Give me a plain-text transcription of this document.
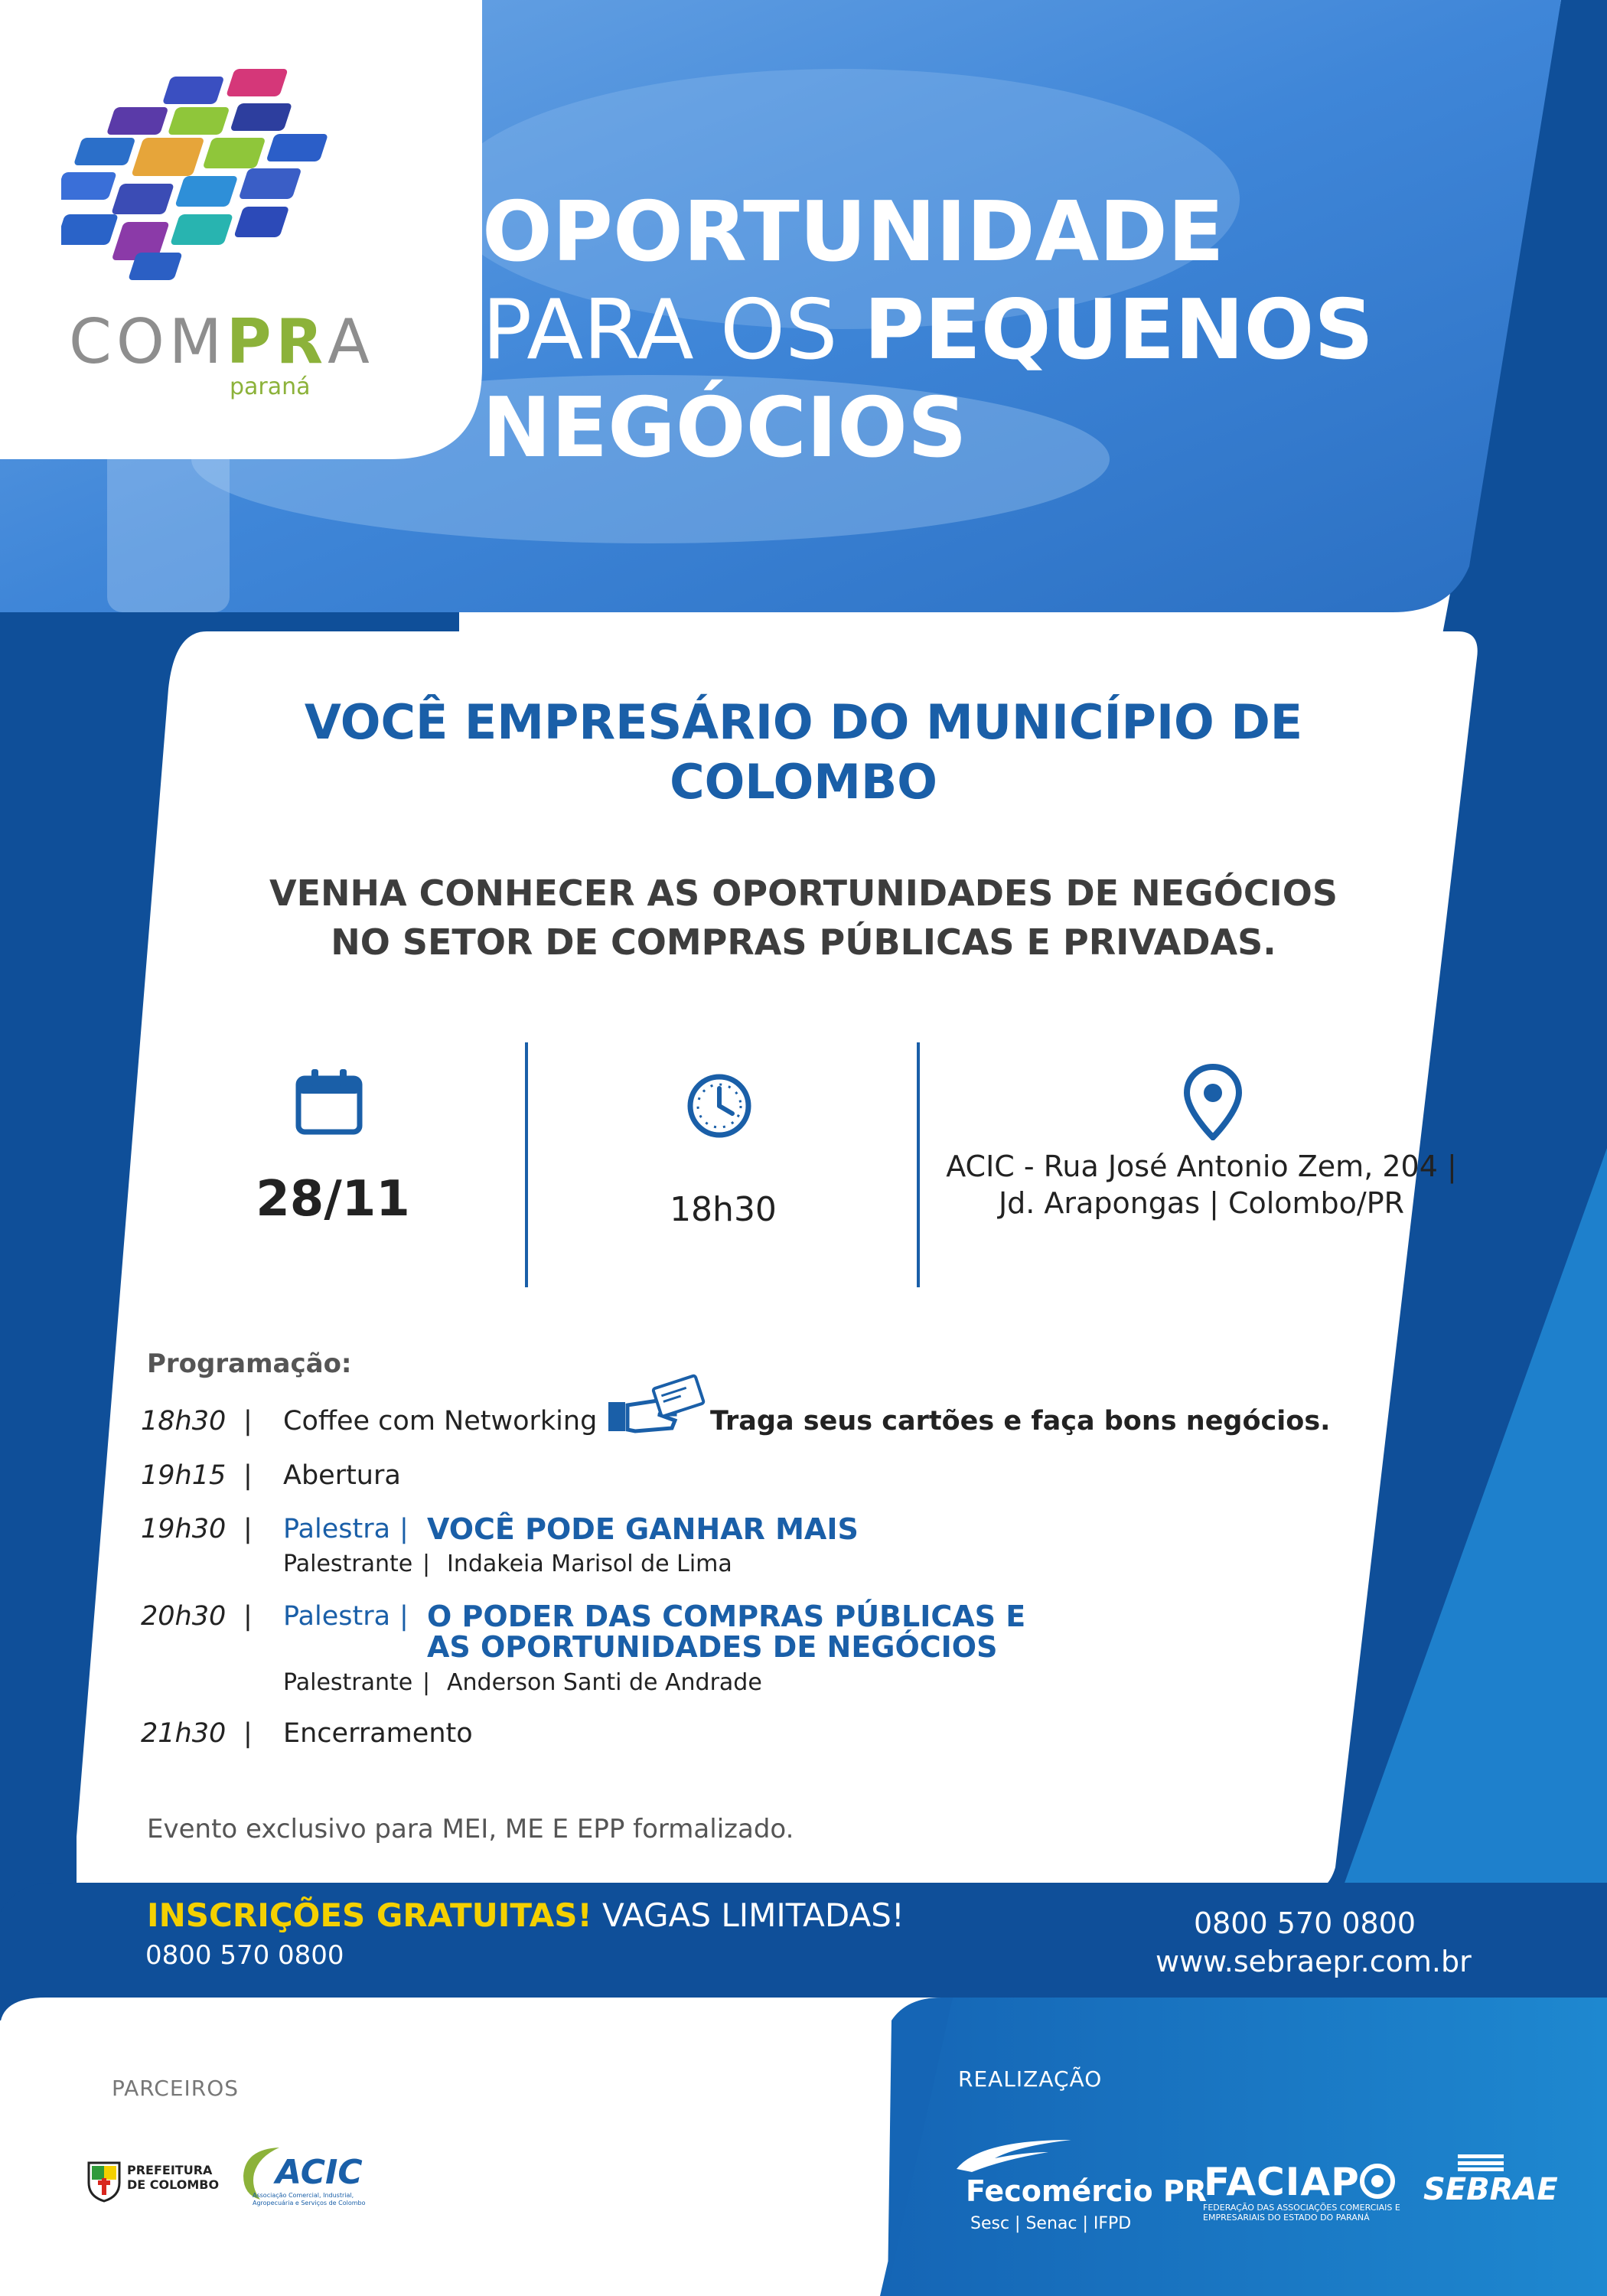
COMPRA
paraná
OPORTUNIDADE
PARA OS PEQUENOS
NEGÓCIOS
VOCÊ EMPRESÁRIO DO MUNICÍPIO DE
COLOMBO
VENHA CONHECER AS OPORTUNIDADES DE NEGÓCIOS
NO SETOR DE COMPRAS PÚBLICAS E PRIVADAS.
28/11	18h30
ACIC - Rua José Antonio Zem, 204 |
Jd. Arapongas | Colombo/PR
Programação:
18h30 | Coffee com Networking	Traga seus cartões e faça bons negócios.
19h15 | Abertura
19h30 | Palestra | VOCÊ PODE GANHAR MAIS
Palestrante | Indakeia Marisol de Lima
20h30 | Palestra | O PODER DAS COMPRAS PÚBLICAS E
AS OPORTUNIDADES DE NEGÓCIOS
Palestrante | Anderson Santi de Andrade
21h30 | Encerramento
Evento exclusivo para MEI, ME E EPP formalizado.
INSCRIÇÕES GRATUITAS! VAGAS LIMITADAS!
0800 570 0800
0800 570 0800
www.sebraepr.com.br
PARCEIROS
PREFEITURA
DE COLOMBO ACIC
Associação Comercial, Industrial, Agropecuária e Serviços de Colombo
REALIZAÇÃO
Fecomércio PR
Sesc | Senac | IFPD
FACIAP
FEDERAÇÃO DAS ASSOCIAÇÕES COMERCIAIS E EMPRESARIAIS DO ESTADO DO PARANÁ
SEBRAE
